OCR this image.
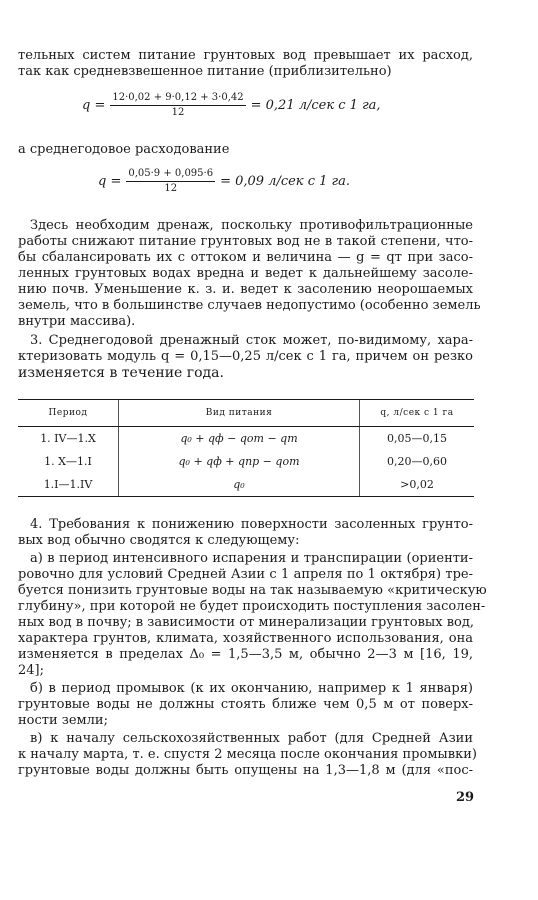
тельных систем питание грунтовых вод превышает их расход,
так как средневзвешенное питание (приблизительно)
$q = \frac{12\cdot 0,02 + 9\cdot 0,12 + 3\cdot 0,42}{12} = 0,21$ л/сек с 1 га,
а среднегодовое расходование
$q = \frac{0,05\cdot 9 + 0,095\cdot 6}{12} = 0,09$ л/сек с 1 га.
Здесь необходим дренаж, поскольку противофильтрационные
работы снижают питание грунтовых вод не в такой степени, что-
бы сбалансировать их с оттоком и величина — g = qт при засо-
ленных грунтовых водах вредна и ведет к дальнейшему засоле-
нию почв. Уменьшение к. з. и. ведет к засолению неорошаемых
земель, что в большинстве случаев недопустимо (особенно земель
внутри массива).
3. Среднегодовой дренажный сток может, по-видимому, хара-
ктеризовать модуль q = 0,15—0,25 л/сек с 1 га, причем он резко
изменяется в течение года.
Период	Вид питания	q, л/сек с 1 га
1. IV—1.X	q₀ + qф − qот − qт	0,05—0,15
1. X—1.I	q₀ + qф + qпр − qот	0,20—0,60
1.I—1.IV	q₀	>0,02
4. Требования к понижению поверхности засоленных грунто-
вых вод обычно сводятся к следующему:
а) в период интенсивного испарения и транспирации (ориенти-
ровочно для условий Средней Азии с 1 апреля по 1 октября) тре-
буется понизить грунтовые воды на так называемую «критическую
глубину», при которой не будет происходить поступления засолен-
ных вод в почву; в зависимости от минерализации грунтовых вод,
характера грунтов, климата, хозяйственного использования, она
изменяется в пределах Δ₀ = 1,5—3,5 м, обычно 2—3 м [16, 19,
24];
б) в период промывок (к их окончанию, например к 1 января)
грунтовые воды не должны стоять ближе чем 0,5 м от поверх-
ности земли;
в) к началу сельскохозяйственных работ (для Средней Азии
к началу марта, т. е. спустя 2 месяца после окончания промывки)
грунтовые воды должны быть опущены на 1,3—1,8 м (для «пос-
29
